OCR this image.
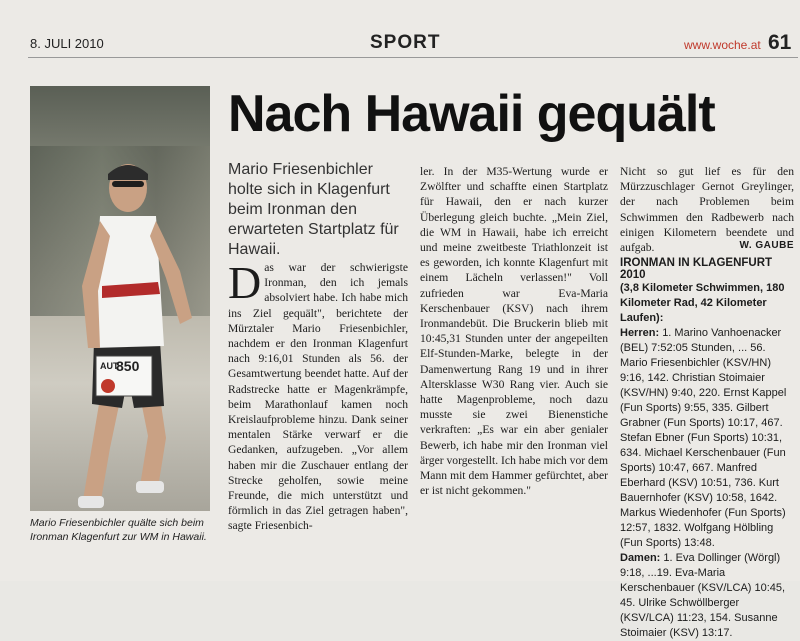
8. JULI 2010	SPORT	www.woche.at 61
AUT
850
Mario Friesenbichler quälte sich beim Ironman Klagenfurt zur WM in Hawaii.
Nach Hawaii gequält
Mario Friesenbichler holte sich in Klagenfurt beim Ironman den erwarteten Startplatz für Hawaii.
Das war der schwierigste Ironman, den ich jemals absolviert habe. Ich habe mich ins Ziel gequält", berichtete der Mürztaler Mario Friesenbichler, nachdem er den Ironman Klagenfurt nach 9:16,01 Stunden als 56. der Gesamtwertung beendet hatte. Auf der Radstrecke hatte er Magenkrämpfe, beim Marathonlauf kamen noch Kreislaufprobleme hinzu. Dank seiner mentalen Stärke verwarf er die Gedanken, aufzugeben. „Vor allem haben mir die Zuschauer entlang der Strecke geholfen, sowie meine Freunde, die mich unterstützt und förmlich in das Ziel getragen haben", sagte Friesenbich-
ler. In der M35-Wertung wurde er Zwölfter und schaffte einen Startplatz für Hawaii, den er nach kurzer Überlegung gleich buchte. „Mein Ziel, die WM in Hawaii, habe ich erreicht und meine zweitbeste Triathlonzeit ist es geworden, ich konnte Klagenfurt mit einem Lächeln verlassen!" Voll zufrieden war Eva-Maria Kerschenbauer (KSV) nach ihrem Ironmandebüt. Die Bruckerin blieb mit 10:45,31 Stunden unter der angepeilten Elf-Stunden-Marke, belegte in der Damenwertung Rang 19 und in ihrer Altersklasse W30 Rang vier. Auch sie hatte Magenprobleme, noch dazu musste sie zwei Bienenstiche verkraften: „Es war ein aber genialer Bewerb, ich habe mir den Ironman viel ärger vorgestellt. Ich habe mich vor dem Mann mit dem Hammer gefürchtet, aber er ist nicht gekommen."
Nicht so gut lief es für den Mürzzuschlager Gernot Greylinger, der nach Problemen beim Schwimmen den Radbewerb nach einigen Kilometern beendete und aufgab.	W. GAUBE
IRONMAN IN KLAGENFURT 2010
(3,8 Kilometer Schwimmen, 180 Kilometer Rad, 42 Kilometer Laufen):
Herren: 1. Marino Vanhoenacker (BEL) 7:52:05 Stunden, ... 56. Mario Friesenbichler (KSV/HN) 9:16, 142. Christian Stoimaier (KSV/HN) 9:40, 220. Ernst Kappel (Fun Sports) 9:55, 335. Gilbert Grabner (Fun Sports) 10:17, 467. Stefan Ebner (Fun Sports) 10:31, 634. Michael Kerschenbauer (Fun Sports) 10:47, 667. Manfred Eberhard (KSV) 10:51, 736. Kurt Bauernhofer (KSV) 10:58, 1642. Markus Wiedenhofer (Fun Sports) 12:57, 1832. Wolfgang Hölbling (Fun Sports) 13:48.
Damen: 1. Eva Dollinger (Wörgl) 9:18, ...19. Eva-Maria Kerschenbauer (KSV/LCA) 10:45, 45. Ulrike Schwöllberger (KSV/LCA) 11:23, 154. Susanne Stoimaier (KSV) 13:17.
